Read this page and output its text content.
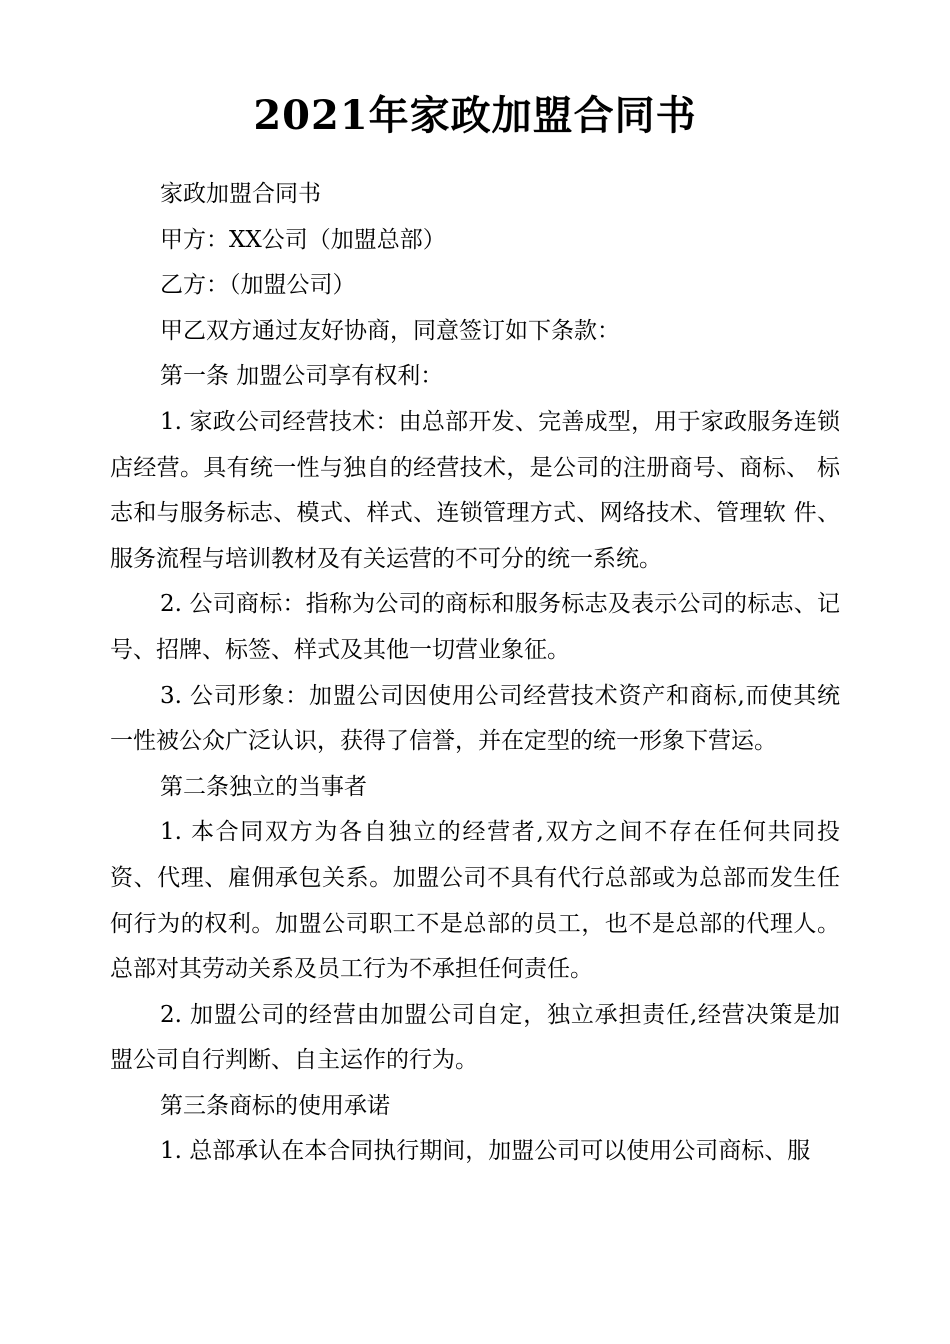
2021年家政加盟合同书

家政加盟合同书

甲方：XX公司（加盟总部）

乙方：（加盟公司）

甲乙双方通过友好协商，同意签订如下条款：

第一条 加盟公司享有权利：

1. 家政公司经营技术：由总部开发、完善成型，用于家政服务连锁店经营。具有统一性与独自的经营技术，是公司的注册商号、商标、 标志和与服务标志、模式、样式、连锁管理方式、网络技术、管理软 件、服务流程与培训教材及有关运营的不可分的统一系统。

2. 公司商标：指称为公司的商标和服务标志及表示公司的标志、记号、招牌、标签、样式及其他一切营业象征。

3. 公司形象：加盟公司因使用公司经营技术资产和商标,而使其统一性被公众广泛认识，获得了信誉，并在定型的统一形象下营运。

第二条独立的当事者

1. 本合同双方为各自独立的经营者,双方之间不存在任何共同投资、代理、雇佣承包关系。加盟公司不具有代行总部或为总部而发生任何行为的权利。加盟公司职工不是总部的员工，也不是总部的代理人。总部对其劳动关系及员工行为不承担任何责任。

2. 加盟公司的经营由加盟公司自定，独立承担责任,经营决策是加 盟公司自行判断、自主运作的行为。

第三条商标的使用承诺

1. 总部承认在本合同执行期间，加盟公司可以使用公司商标、服
